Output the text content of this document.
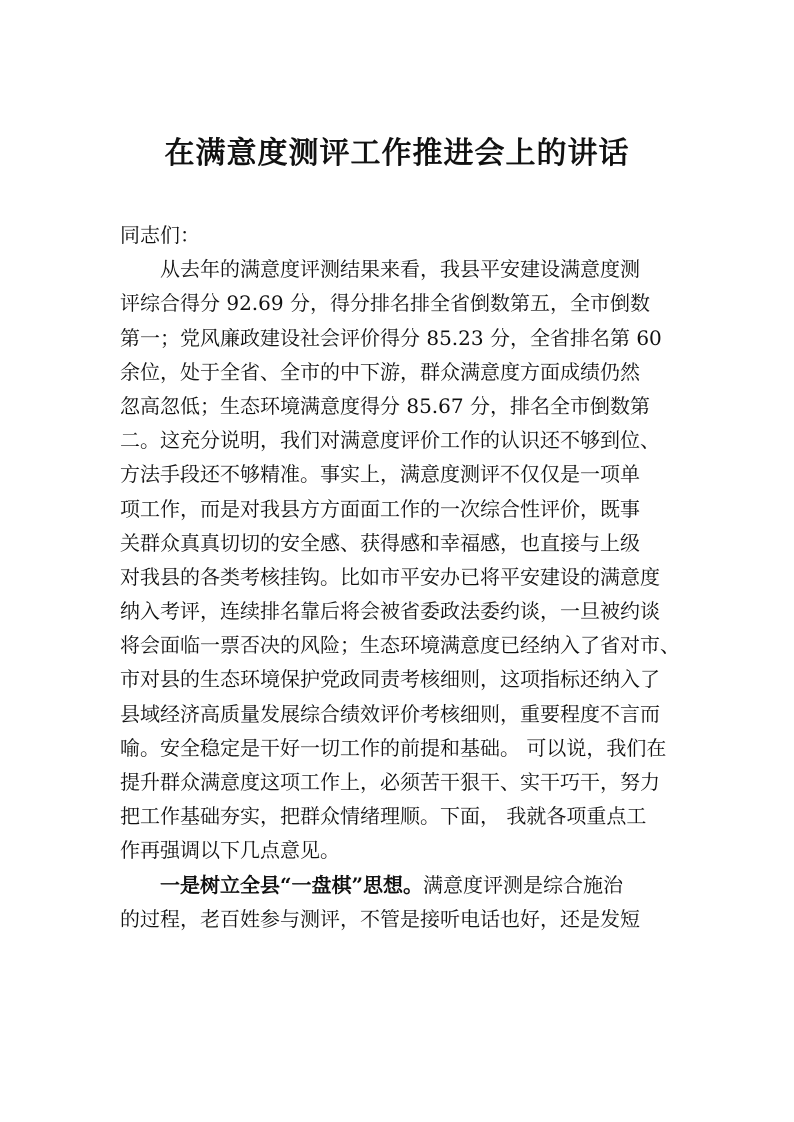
在满意度测评工作推进会上的讲话
同志们：
从去年的满意度评测结果来看，我县平安建设满意度测
评综合得分 92.69 分，得分排名排全省倒数第五，全市倒数
第一；党风廉政建设社会评价得分 85.23 分，全省排名第 60
余位，处于全省、全市的中下游，群众满意度方面成绩仍然
忽高忽低；生态环境满意度得分 85.67 分，排名全市倒数第
二。这充分说明，我们对满意度评价工作的认识还不够到位、
方法手段还不够精准。事实上，满意度测评不仅仅是一项单
项工作，而是对我县方方面面工作的一次综合性评价，既事
关群众真真切切的安全感、获得感和幸福感，也直接与上级
对我县的各类考核挂钩。比如市平安办已将平安建设的满意度
纳入考评，连续排名靠后将会被省委政法委约谈，一旦被约谈
将会面临一票否决的风险；生态环境满意度已经纳入了省对市、
市对县的生态环境保护党政同责考核细则，这项指标还纳入了
县域经济高质量发展综合绩效评价考核细则，重要程度不言而
喻。安全稳定是干好一切工作的前提和基础。 可以说，我们在
提升群众满意度这项工作上，必须苦干狠干、实干巧干，努力
把工作基础夯实，把群众情绪理顺。下面， 我就各项重点工
作再强调以下几点意见。
一是树立全县“一盘棋”思想。满意度评测是综合施治
的过程，老百姓参与测评，不管是接听电话也好，还是发短
